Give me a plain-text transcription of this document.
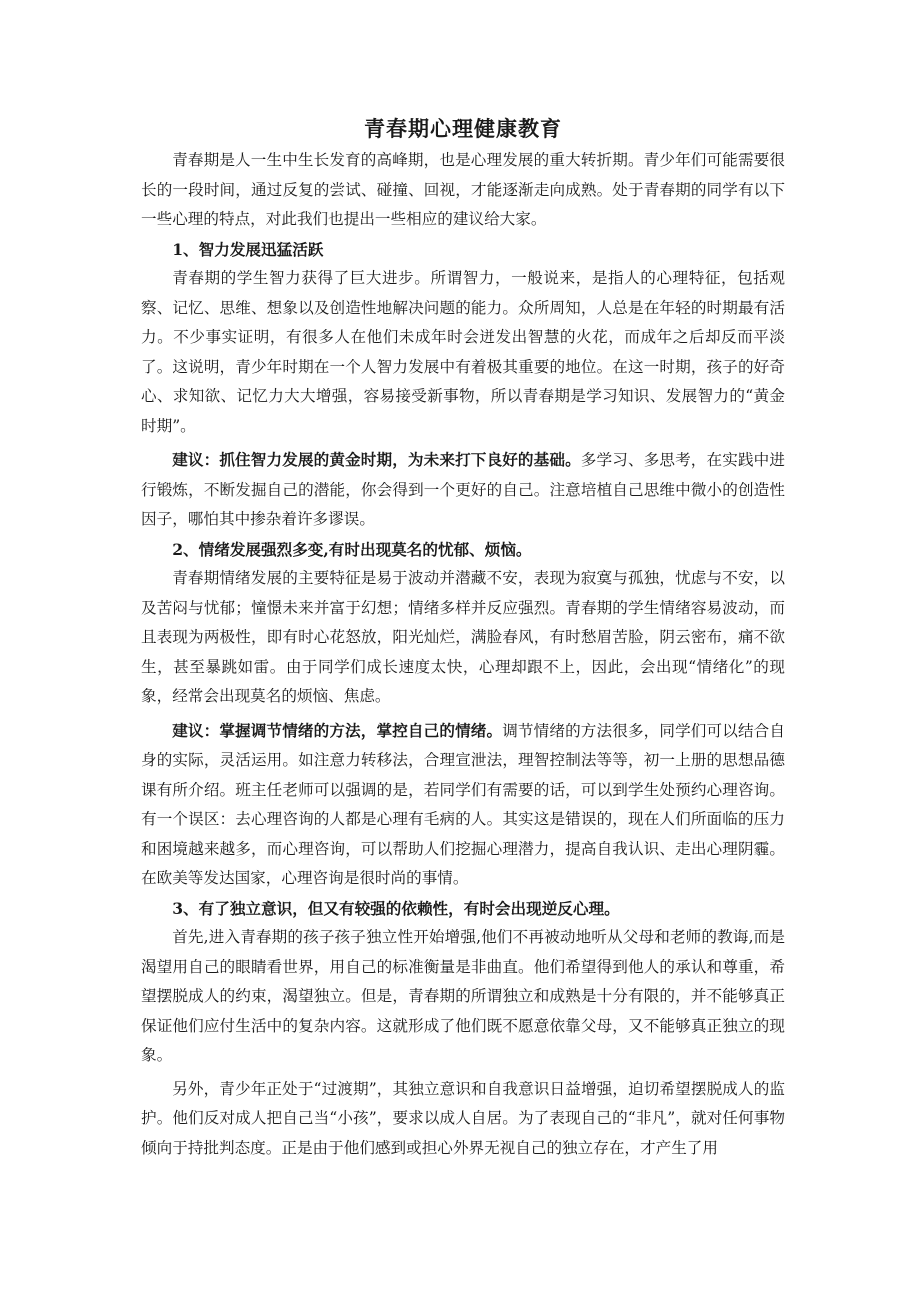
青春期心理健康教育

青春期是人一生中生长发育的高峰期，也是心理发展的重大转折期。青少年们可能需要很长的一段时间，通过反复的尝试、碰撞、回视，才能逐渐走向成熟。处于青春期的同学有以下一些心理的特点，对此我们也提出一些相应的建议给大家。

1、智力发展迅猛活跃

青春期的学生智力获得了巨大进步。所谓智力，一般说来，是指人的心理特征，包括观察、记忆、思维、想象以及创造性地解决问题的能力。众所周知，人总是在年轻的时期最有活力。不少事实证明，有很多人在他们未成年时会迸发出智慧的火花，而成年之后却反而平淡了。这说明，青少年时期在一个人智力发展中有着极其重要的地位。在这一时期，孩子的好奇心、求知欲、记忆力大大增强，容易接受新事物，所以青春期是学习知识、发展智力的“黄金时期”。

建议：抓住智力发展的黄金时期，为未来打下良好的基础。多学习、多思考，在实践中进行锻炼，不断发掘自己的潜能，你会得到一个更好的自己。注意培植自己思维中微小的创造性因子，哪怕其中掺杂着许多谬误。

2、情绪发展强烈多变,有时出现莫名的忧郁、烦恼。

青春期情绪发展的主要特征是易于波动并潜藏不安，表现为寂寞与孤独，忧虑与不安，以及苦闷与忧郁；憧憬未来并富于幻想；情绪多样并反应强烈。青春期的学生情绪容易波动，而且表现为两极性，即有时心花怒放，阳光灿烂，满脸春风，有时愁眉苦脸，阴云密布，痛不欲生，甚至暴跳如雷。由于同学们成长速度太快，心理却跟不上，因此，会出现“情绪化”的现象，经常会出现莫名的烦恼、焦虑。

建议：掌握调节情绪的方法，掌控自己的情绪。调节情绪的方法很多，同学们可以结合自身的实际，灵活运用。如注意力转移法，合理宣泄法，理智控制法等等，初一上册的思想品德课有所介绍。班主任老师可以强调的是，若同学们有需要的话，可以到学生处预约心理咨询。有一个误区：去心理咨询的人都是心理有毛病的人。其实这是错误的，现在人们所面临的压力和困境越来越多，而心理咨询，可以帮助人们挖掘心理潜力，提高自我认识、走出心理阴霾。在欧美等发达国家，心理咨询是很时尚的事情。

3、有了独立意识，但又有较强的依赖性，有时会出现逆反心理。

首先,进入青春期的孩子孩子独立性开始增强,他们不再被动地听从父母和老师的教诲,而是渴望用自己的眼睛看世界，用自己的标准衡量是非曲直。他们希望得到他人的承认和尊重，希望摆脱成人的约束，渴望独立。但是，青春期的所谓独立和成熟是十分有限的，并不能够真正保证他们应付生活中的复杂内容。这就形成了他们既不愿意依靠父母，又不能够真正独立的现象。

另外，青少年正处于“过渡期”，其独立意识和自我意识日益增强，迫切希望摆脱成人的监护。他们反对成人把自己当“小孩”，要求以成人自居。为了表现自己的“非凡”，就对任何事物倾向于持批判态度。正是由于他们感到或担心外界无视自己的独立存在，才产生了用
